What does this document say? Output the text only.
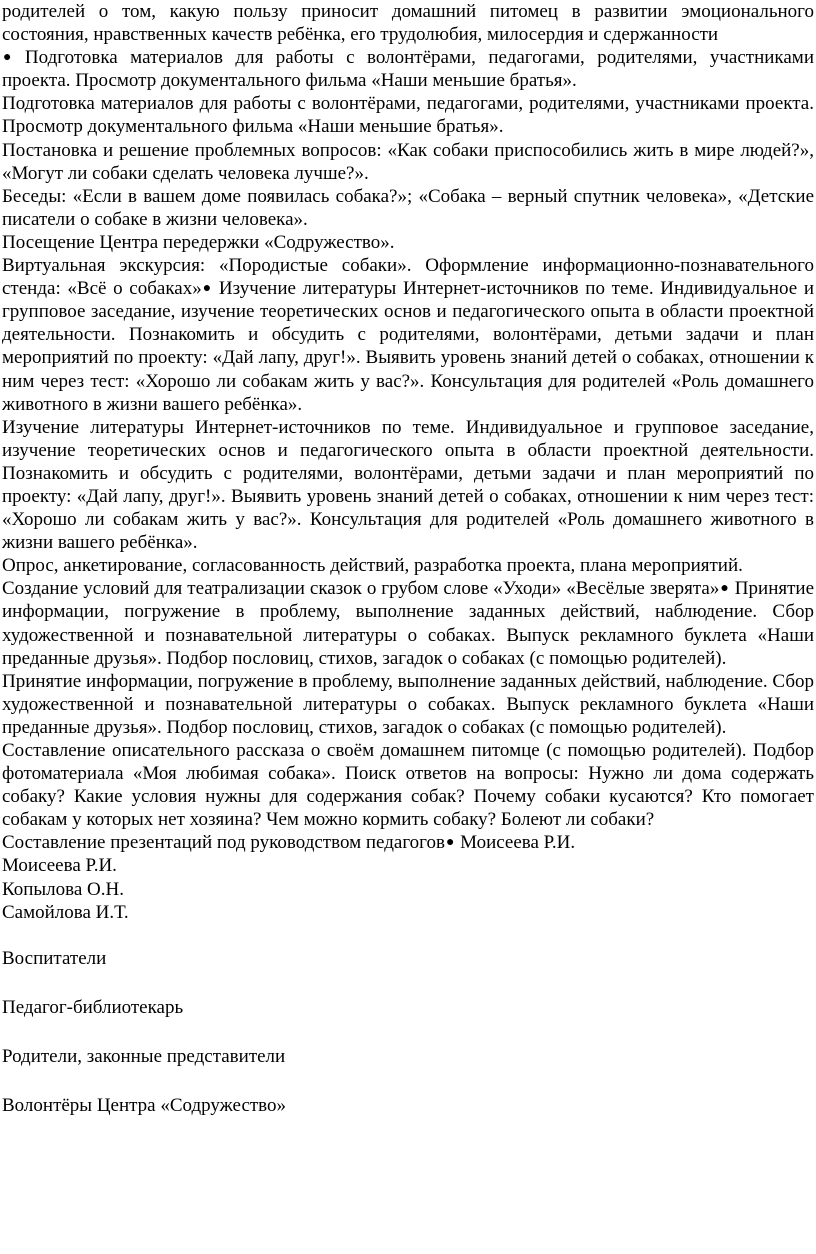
родителей о том, какую пользу приносит домашний питомец в развитии эмоционального состояния, нравственных качеств ребёнка, его трудолюбия, милосердия и сдержанности
● Подготовка материалов для работы с волонтёрами, педагогами, родителями, участниками проекта. Просмотр документального фильма «Наши меньшие братья».

Подготовка материалов для работы с волонтёрами, педагогами, родителями, участниками проекта. Просмотр документального фильма «Наши меньшие братья».

Постановка и решение проблемных вопросов: «Как собаки приспособились жить в мире людей?», «Могут ли собаки сделать человека лучше?».

Беседы: «Если в вашем доме появилась собака?»; «Собака – верный спутник человека», «Детские писатели о собаке в жизни человека».

Посещение Центра передержки «Содружество».

Виртуальная экскурсия: «Породистые собаки». Оформление информационно-познавательного стенда: «Всё о собаках»● Изучение литературы Интернет-источников по теме. Индивидуальное и групповое заседание, изучение теоретических основ и педагогического опыта в области проектной деятельности. Познакомить и обсудить с родителями, волонтёрами, детьми задачи и план мероприятий по проекту: «Дай лапу, друг!». Выявить уровень знаний детей о собаках, отношении к ним через тест: «Хорошо ли собакам жить у вас?». Консультация для родителей «Роль домашнего животного в жизни вашего ребёнка».

Изучение литературы Интернет-источников по теме. Индивидуальное и групповое заседание, изучение теоретических основ и педагогического опыта в области проектной деятельности. Познакомить и обсудить с родителями, волонтёрами, детьми задачи и план мероприятий по проекту: «Дай лапу, друг!». Выявить уровень знаний детей о собаках, отношении к ним через тест: «Хорошо ли собакам жить у вас?». Консультация для родителей «Роль домашнего животного в жизни вашего ребёнка».

Опрос, анкетирование, согласованность действий, разработка проекта, плана мероприятий.

Создание условий для театрализации сказок о грубом слове «Уходи» «Весёлые зверята»● Принятие информации, погружение в проблему, выполнение заданных действий, наблюдение. Сбор художественной и познавательной литературы о собаках. Выпуск рекламного буклета «Наши преданные друзья». Подбор пословиц, стихов, загадок о собаках (с помощью родителей).

Принятие информации, погружение в проблему, выполнение заданных действий, наблюдение. Сбор художественной и познавательной литературы о собаках. Выпуск рекламного буклета «Наши преданные друзья». Подбор пословиц, стихов, загадок о собаках (с помощью родителей).

Составление описательного рассказа о своём домашнем питомце (с помощью родителей). Подбор фотоматериала «Моя любимая собака». Поиск ответов на вопросы: Нужно ли дома содержать собаку? Какие условия нужны для содержания собак? Почему собаки кусаются? Кто помогает собакам у которых нет хозяина? Чем можно кормить собаку? Болеют ли собаки?

Составление презентаций под руководством педагогов● Моисеева Р.И.

Моисеева Р.И.

Копылова О.Н.

Самойлова И.Т.

Воспитатели

Педагог-библиотекарь

Родители, законные представители

Волонтёры Центра «Содружество»
